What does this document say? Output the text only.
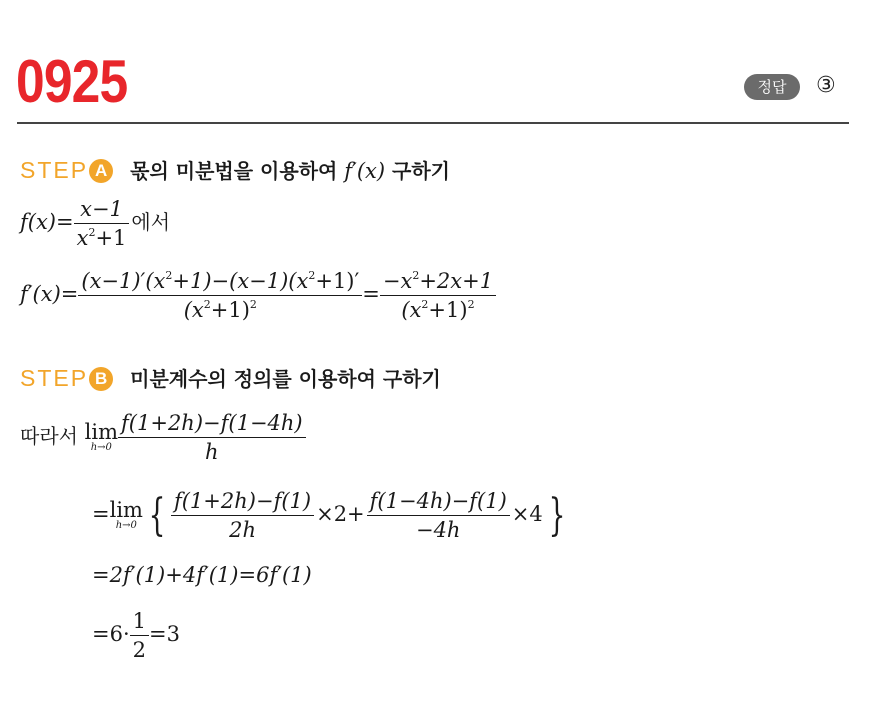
0925	정답	③
STEP A 몫의 미분법을 이용하여 f′(x) 구하기
$f(x)= \frac{x-1}{x^2+1}$ 에서
$f'(x)= \frac{(x-1)'(x^2+1)-(x-1)(x^2+1)'}{(x^2+1)^2} = \frac{-x^2+2x+1}{(x^2+1)^2}$
STEP B 미분계수의 정의를 이용하여 구하기
따라서 lim
$h\to 0 \frac{f(1+2h)-f(1-4h)}{h}$
=lim
h→0 { $\frac{f(1+2h)-f(1)}{2h} \times 2+ \frac{f(1-4h)-f(1)}{-4h} \times 4$ }
=2f′(1)+4f′(1)=6f′(1)
$=6\cdot \frac{1}{2} =3$
